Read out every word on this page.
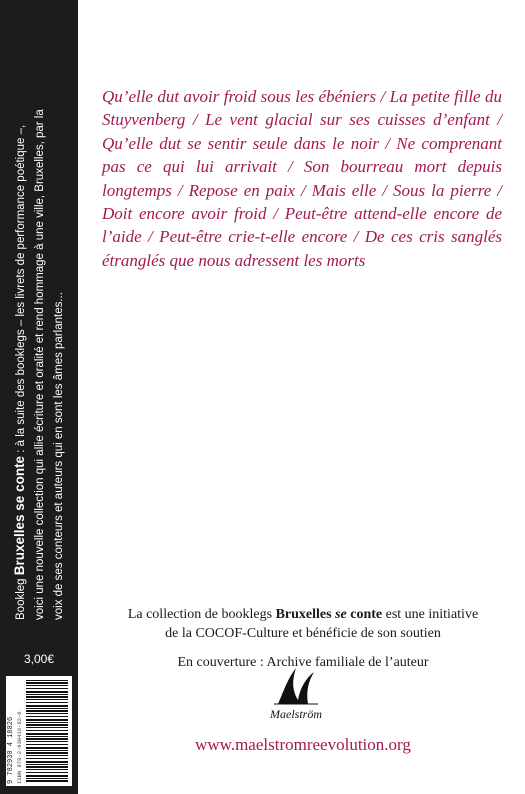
Bookleg Bruxelles se conte : à la suite des booklegs – les livrets de performance poétique –, voici une nouvelle collection qui allie écriture et oralité et rend hommage à une ville, Bruxelles, par la voix de ses conteurs et auteurs qui en sont les âmes parlantes...
3,00€
9 782930 4 18826 ISBN 978-2-930418-82-6
Qu’elle dut avoir froid sous les ébéniers / La petite fille du Stuyvenberg / Le vent glacial sur ses cuisses d’enfant / Qu’elle dut se sentir seule dans le noir / Ne comprenant pas ce qui lui arrivait / Son bourreau mort depuis longtemps / Repose en paix / Mais elle / Sous la pierre / Doit encore avoir froid / Peut-être attend-elle encore de l’aide / Peut-être crie-t-elle encore / De ces cris sanglés étranglés que nous adressent les morts
La collection de booklegs Bruxelles se conte est une initiative
de la COCOF-Culture et bénéficie de son soutien
En couverture : Archive familiale de l’auteur
Maelström
www.maelstromreevolution.org
